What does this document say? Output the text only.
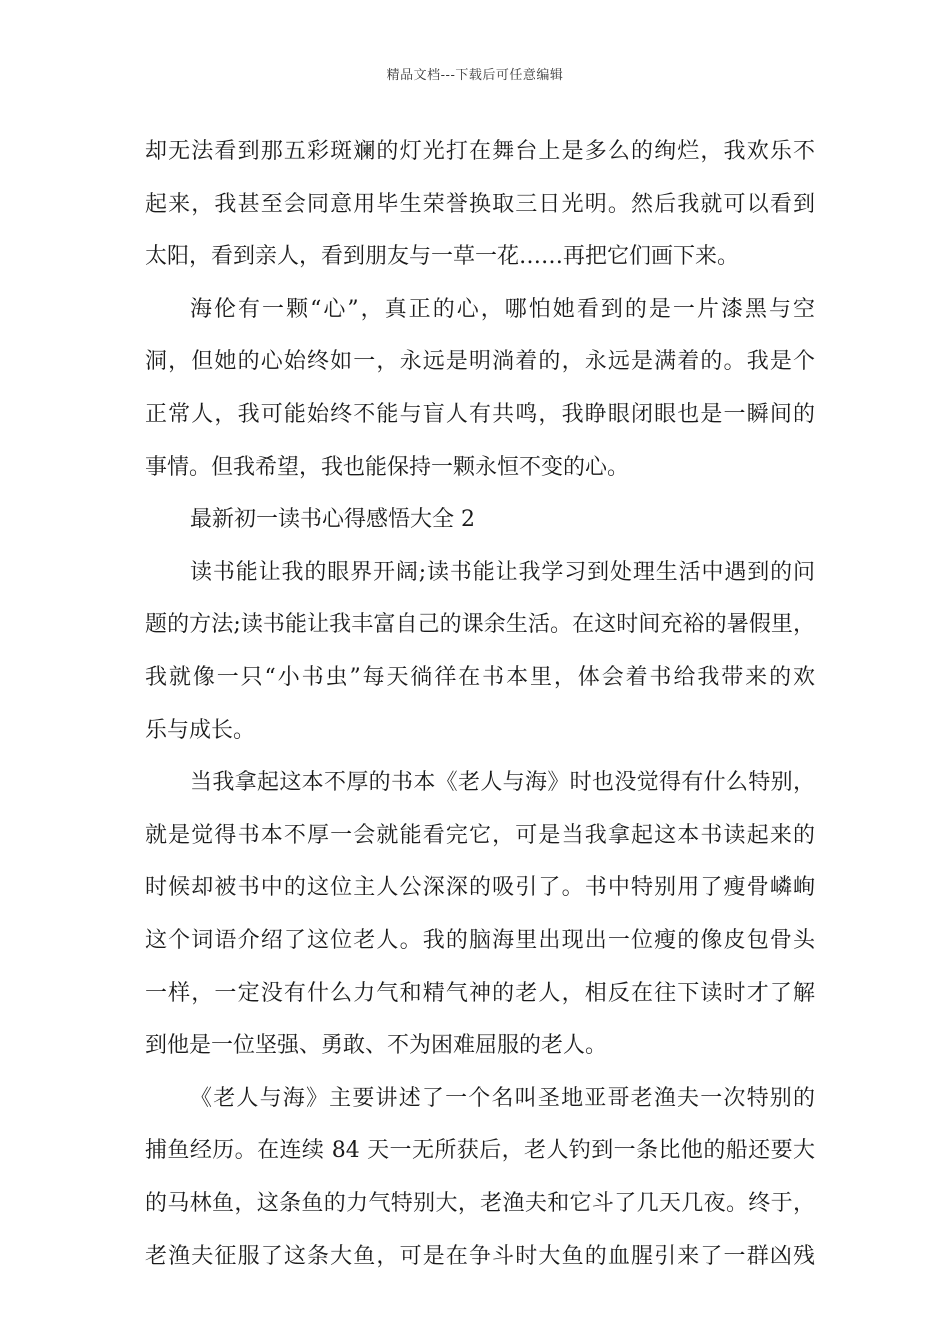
精品文档---下载后可任意编辑
却无法看到那五彩斑斓的灯光打在舞台上是多么的绚烂，我欢乐不
起来，我甚至会同意用毕生荣誉换取三日光明。然后我就可以看到
太阳，看到亲人，看到朋友与一草一花……再把它们画下来。
海伦有一颗“心”，真正的心，哪怕她看到的是一片漆黑与空
洞，但她的心始终如一，永远是明淌着的，永远是满着的。我是个
正常人，我可能始终不能与盲人有共鸣，我睁眼闭眼也是一瞬间的
事情。但我希望，我也能保持一颗永恒不变的心。
最新初一读书心得感悟大全 2
读书能让我的眼界开阔;读书能让我学习到处理生活中遇到的问
题的方法;读书能让我丰富自己的课余生活。在这时间充裕的暑假里，
我就像一只“小书虫”每天徜徉在书本里，体会着书给我带来的欢
乐与成长。
当我拿起这本不厚的书本《老人与海》时也没觉得有什么特别，
就是觉得书本不厚一会就能看完它，可是当我拿起这本书读起来的
时候却被书中的这位主人公深深的吸引了。书中特别用了瘦骨嶙峋
这个词语介绍了这位老人。我的脑海里出现出一位瘦的像皮包骨头
一样，一定没有什么力气和精气神的老人，相反在往下读时才了解
到他是一位坚强、勇敢、不为困难屈服的老人。
《老人与海》主要讲述了一个名叫圣地亚哥老渔夫一次特别的
捕鱼经历。在连续 84 天一无所获后，老人钓到一条比他的船还要大
的马林鱼，这条鱼的力气特别大，老渔夫和它斗了几天几夜。终于，
老渔夫征服了这条大鱼，可是在争斗时大鱼的血腥引来了一群凶残
